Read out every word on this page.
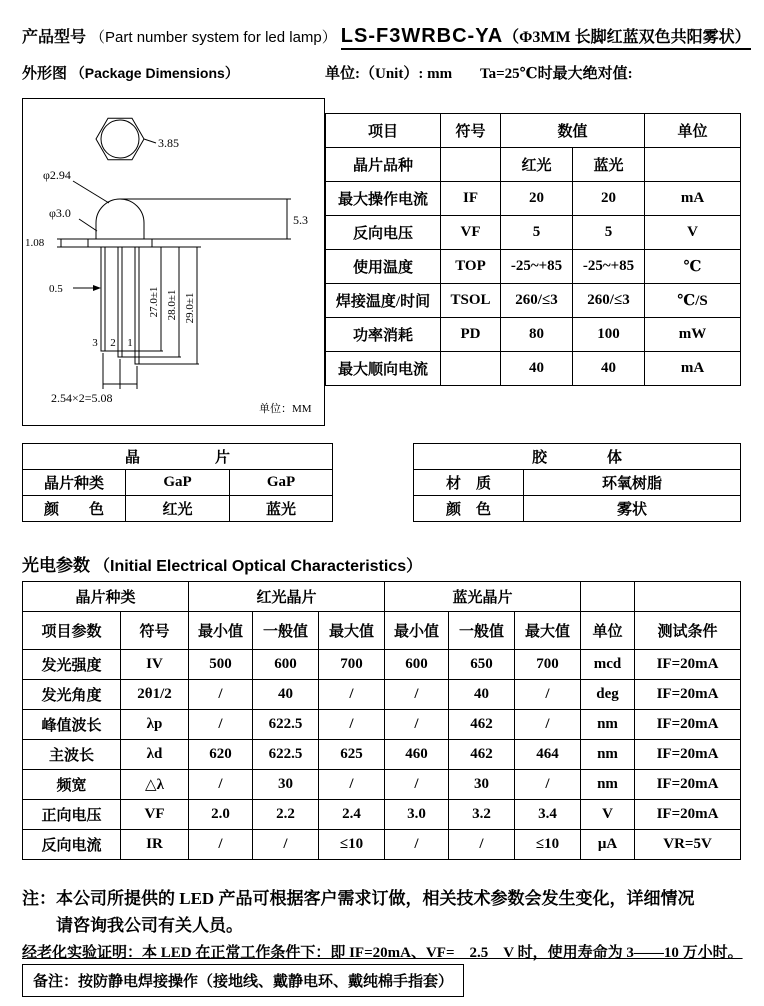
产品型号 （Part number system for led lamp） LS-F3WRBC-YA（Φ3MM 长脚红蓝双色共阳雾状）
外形图 （Package Dimensions）	单位:（Unit）: mm Ta=25℃时最大绝对值:
3.85
φ2.94
φ3.0	5.3
1.08
0.5	27.0±1 28.0±1 29.0±1
3 2 1
2.54×2=5.08
单位：MM
项目	符号	数值		单位
晶片品种		红光	蓝光	
最大操作电流	IF	20	20	mA
反向电压	VF	5	5	V
使用温度	TOP	-25~+85	-25~+85	℃
焊接温度/时间	TSOL	260/≤3	260/≤3	℃/S
功率消耗	PD	80	100	mW
最大顺向电流		40	40	mA
晶　　　　　片		
晶片种类	GaP	GaP
颜　　色	红光	蓝光
胶　　　　体	
材　质	环氧树脂
颜　色	雾状
光电参数 （Initial Electrical Optical Characteristics）
晶片种类		红光晶片			蓝光晶片				
项目参数	符号	最小值	一般值	最大值	最小值	一般值	最大值	单位	测试条件
发光强度	IV	500	600	700	600	650	700	mcd	IF=20mA
发光角度	2θ1/2	/	40	/	/	40	/	deg	IF=20mA
峰值波长	λp	/	622.5	/	/	462	/	nm	IF=20mA
主波长	λd	620	622.5	625	460	462	464	nm	IF=20mA
频宽	△λ	/	30	/	/	30	/	nm	IF=20mA
正向电压	VF	2.0	2.2	2.4	3.0	3.2	3.4	V	IF=20mA
反向电流	IR	/	/	≤10	/	/	≤10	μA	VR=5V
注：本公司所提供的 LED 产品可根据客户需求订做，相关技术参数会发生变化，详细情况
请咨询我公司有关人员。
经老化实验证明：本 LED 在正常工作条件下：即 IF=20mA、VF=　2.5　V 时，使用寿命为 3——10 万小时。
备注：按防静电焊接操作（接地线、戴静电环、戴纯棉手指套）
